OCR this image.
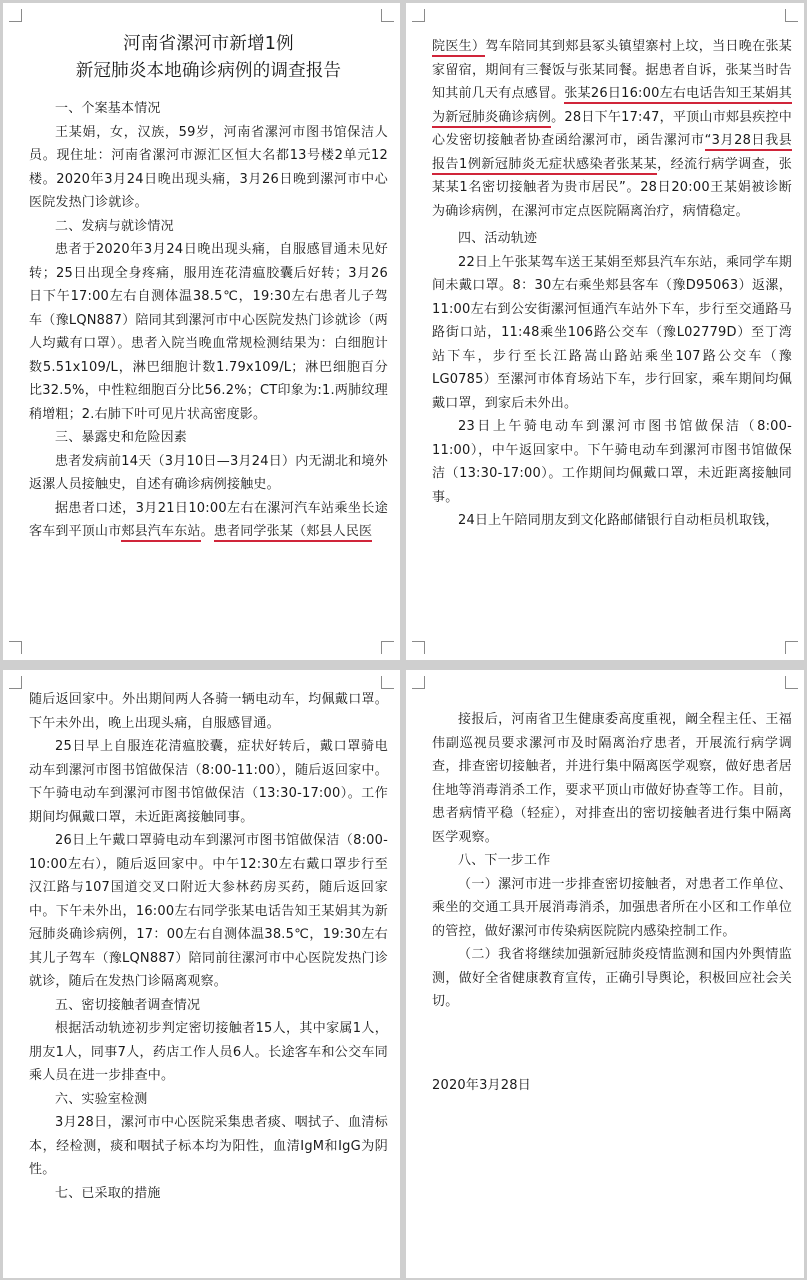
河南省漯河市新增1例
新冠肺炎本地确诊病例的调查报告

一、个案基本情况

王某娟，女，汉族，59岁，河南省漯河市图书馆保洁人员。现住址：河南省漯河市源汇区恒大名都13号楼2单元12楼。2020年3月24日晚出现头痛，3月26日晚到漯河市中心医院发热门诊就诊。

二、发病与就诊情况

患者于2020年3月24日晚出现头痛，自服感冒通未见好转；25日出现全身疼痛，服用连花清瘟胶囊后好转；3月26日下午17:00左右自测体温38.5℃，19:30左右患者儿子驾车（豫LQN887）陪同其到漯河市中心医院发热门诊就诊（两人均戴有口罩）。患者入院当晚血常规检测结果为：白细胞计数5.51x109/L，淋巴细胞计数1.79x109/L；淋巴细胞百分比32.5%，中性粒细胞百分比56.2%；CT印象为:1.两肺纹理稍增粗；2.右肺下叶可见片状高密度影。

三、暴露史和危险因素

患者发病前14天（3月10日—3月24日）内无湖北和境外返漯人员接触史，自述有确诊病例接触史。

据患者口述，3月21日10:00左右在漯河汽车站乘坐长途客车到平顶山市郏县汽车东站。患者同学张某（郏县人民医

院医生）驾车陪同其到郏县冢头镇望寨村上坟，当日晚在张某家留宿，期间有三餐饭与张某同餐。据患者自诉，张某当时告知其前几天有点感冒。张某26日16:00左右电话告知王某娟其为新冠肺炎确诊病例。28日下午17:47，平顶山市郏县疾控中心发密切接触者协查函给漯河市，函告漯河市“3月28日我县报告1例新冠肺炎无症状感染者张某某，经流行病学调查，张某某1名密切接触者为贵市居民”。28日20:00王某娟被诊断为确诊病例，在漯河市定点医院隔离治疗，病情稳定。

四、活动轨迹

22日上午张某驾车送王某娟至郏县汽车东站，乘同学车期间未戴口罩。8：30左右乘坐郏县客车（豫D95063）返漯，11:00左右到公安街漯河恒通汽车站外下车，步行至交通路马路街口站，11:48乘坐106路公交车（豫L02779D）至丁湾站下车，步行至长江路嵩山路站乘坐107路公交车（豫LG0785）至漯河市体育场站下车，步行回家，乘车期间均佩戴口罩，到家后未外出。

23日上午骑电动车到漯河市图书馆做保洁（8:00-11:00），中午返回家中。下午骑电动车到漯河市图书馆做保洁（13:30-17:00）。工作期间均佩戴口罩，未近距离接触同事。

24日上午陪同朋友到文化路邮储银行自动柜员机取钱，

随后返回家中。外出期间两人各骑一辆电动车，均佩戴口罩。下午未外出，晚上出现头痛，自服感冒通。

25日早上自服连花清瘟胶囊，症状好转后，戴口罩骑电动车到漯河市图书馆做保洁（8:00-11:00），随后返回家中。下午骑电动车到漯河市图书馆做保洁（13:30-17:00）。工作期间均佩戴口罩，未近距离接触同事。

26日上午戴口罩骑电动车到漯河市图书馆做保洁（8:00-10:00左右），随后返回家中。中午12:30左右戴口罩步行至汉江路与107国道交叉口附近大参林药房买药，随后返回家中。下午未外出，16:00左右同学张某电话告知王某娟其为新冠肺炎确诊病例，17：00左右自测体温38.5℃，19:30左右其儿子驾车（豫LQN887）陪同前往漯河市中心医院发热门诊就诊，随后在发热门诊隔离观察。

五、密切接触者调查情况

根据活动轨迹初步判定密切接触者15人，其中家属1人，朋友1人，同事7人，药店工作人员6人。长途客车和公交车同乘人员在进一步排查中。

六、实验室检测

3月28日，漯河市中心医院采集患者痰、咽拭子、血清标本，经检测，痰和咽拭子标本均为阳性，血清IgM和IgG为阴性。

七、已采取的措施

接报后，河南省卫生健康委高度重视，阚全程主任、王福伟副巡视员要求漯河市及时隔离治疗患者，开展流行病学调查，排查密切接触者，并进行集中隔离医学观察，做好患者居住地等消毒消杀工作，要求平顶山市做好协查等工作。目前，患者病情平稳（轻症），对排查出的密切接触者进行集中隔离医学观察。

八、下一步工作

（一）漯河市进一步排查密切接触者，对患者工作单位、乘坐的交通工具开展消毒消杀，加强患者所在小区和工作单位的管控，做好漯河市传染病医院院内感染控制工作。

（二）我省将继续加强新冠肺炎疫情监测和国内外舆情监测，做好全省健康教育宣传，正确引导舆论，积极回应社会关切。

2020年3月28日
